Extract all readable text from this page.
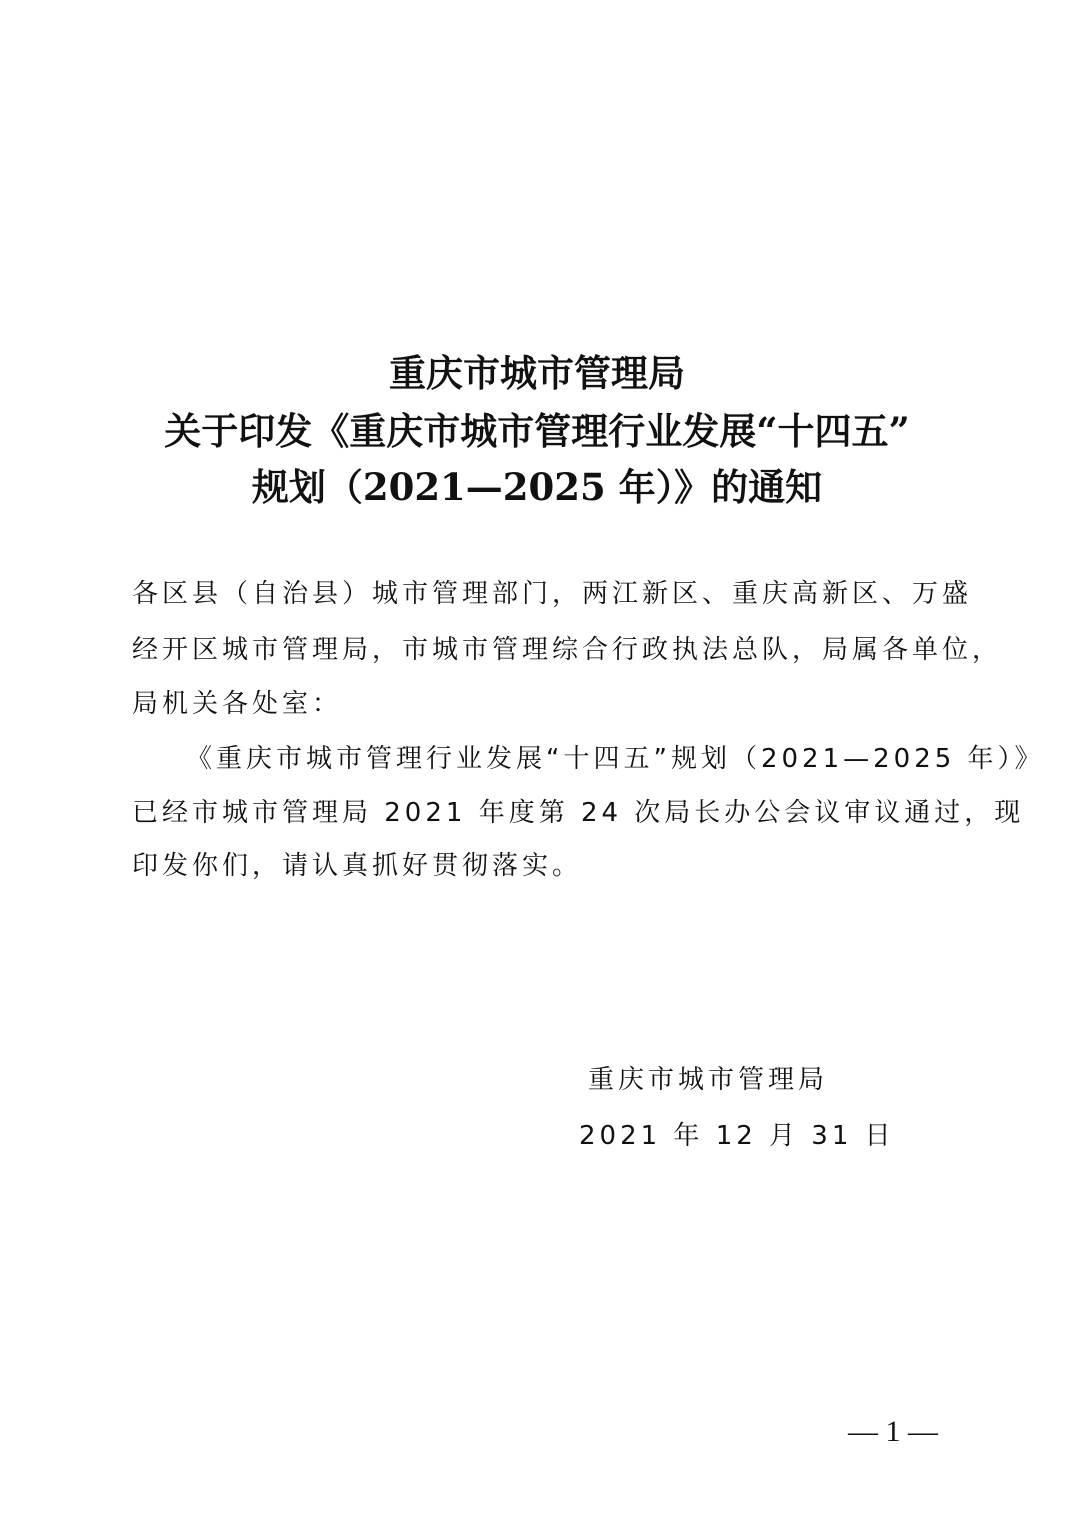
重庆市城市管理局
关于印发《重庆市城市管理行业发展“十四五”
规划（2021—2025 年）》的通知
各区县（自治县）城市管理部门，两江新区、重庆高新区、万盛
经开区城市管理局，市城市管理综合行政执法总队，局属各单位，
局机关各处室：
《重庆市城市管理行业发展“十四五”规划（2021—2025 年）》
已经市城市管理局 2021 年度第 24 次局长办公会议审议通过，现
印发你们，请认真抓好贯彻落实。
重庆市城市管理局
2021 年 12 月 31 日
— 1 —
